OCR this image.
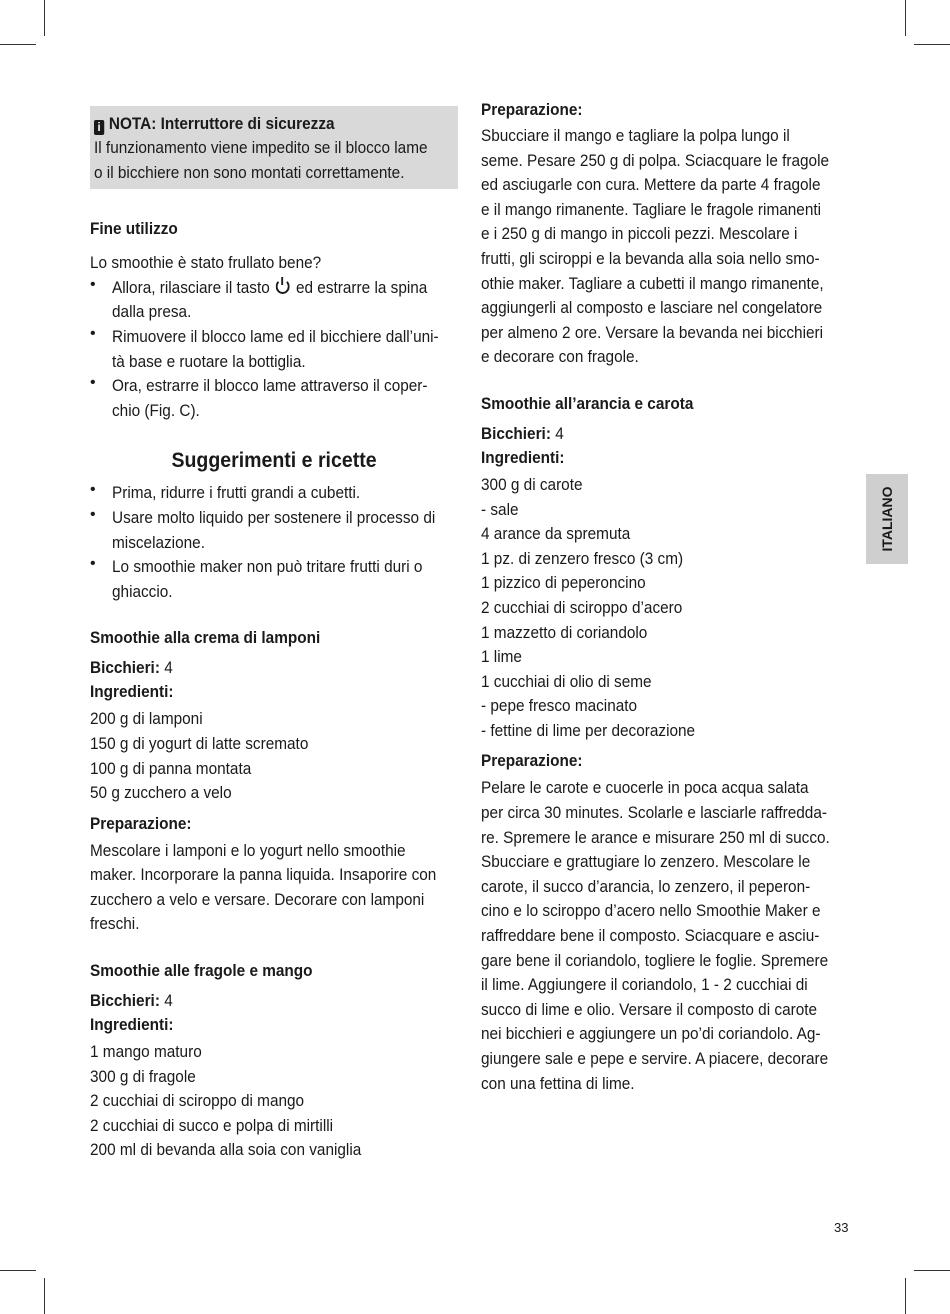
i NOTA: Interruttore di sicurezza

Il funzionamento viene impedito se il blocco lame

o il bicchiere non sono montati correttamente.

Fine utilizzo

Lo smoothie è stato frullato bene?

• Allora, rilasciare il tasto ed estrarre la spina

dalla presa.

• Rimuovere il blocco lame ed il bicchiere dall’uni-

tà base e ruotare la bottiglia.

• Ora, estrarre il blocco lame attraverso il coper-

chio (Fig. C).

Suggerimenti e ricette

• Prima, ridurre i frutti grandi a cubetti.

• Usare molto liquido per sostenere il processo di

miscelazione.

• Lo smoothie maker non può tritare frutti duri o

ghiaccio.

Smoothie alla crema di lamponi

Bicchieri: 4

Ingredienti:

200 g di lamponi

150 g di yogurt di latte scremato

100 g di panna montata

50 g zucchero a velo

Preparazione:

Mescolare i lamponi e lo yogurt nello smoothie

maker. Incorporare la panna liquida. Insaporire con

zucchero a velo e versare. Decorare con lamponi

freschi.

Smoothie alle fragole e mango

Bicchieri: 4

Ingredienti:

1 mango maturo

300 g di fragole

2 cucchiai di sciroppo di mango

2 cucchiai di succo e polpa di mirtilli

200 ml di bevanda alla soia con vaniglia

Preparazione:

Sbucciare il mango e tagliare la polpa lungo il

seme. Pesare 250 g di polpa. Sciacquare le fragole

ed asciugarle con cura. Mettere da parte 4 fragole

e il mango rimanente. Tagliare le fragole rimanenti

e i 250 g di mango in piccoli pezzi. Mescolare i

frutti, gli sciroppi e la bevanda alla soia nello smo-

othie maker. Tagliare a cubetti il mango rimanente,

aggiungerli al composto e lasciare nel congelatore

per almeno 2 ore. Versare la bevanda nei bicchieri

e decorare con fragole.

Smoothie all’arancia e carota

Bicchieri: 4

Ingredienti:

300 g di carote

- sale

4 arance da spremuta

1 pz. di zenzero fresco (3 cm)

1 pizzico di peperoncino

2 cucchiai di sciroppo d’acero

1 mazzetto di coriandolo

1 lime

1 cucchiai di olio di seme

- pepe fresco macinato

- fettine di lime per decorazione

Preparazione:

Pelare le carote e cuocerle in poca acqua salata

per circa 30 minutes. Scolarle e lasciarle raffredda-

re. Spremere le arance e misurare 250 ml di succo.

Sbucciare e grattugiare lo zenzero. Mescolare le

carote, il succo d’arancia, lo zenzero, il peperon-

cino e lo sciroppo d’acero nello Smoothie Maker e

raffreddare bene il composto. Sciacquare e asciu-

gare bene il coriandolo, togliere le foglie. Spremere

il lime. Aggiungere il coriandolo, 1 - 2 cucchiai di

succo di lime e olio. Versare il composto di carote

nei bicchieri e aggiungere un po’di coriandolo. Ag-

giungere sale e pepe e servire. A piacere, decorare

con una fettina di lime.

ITALIANO
33
